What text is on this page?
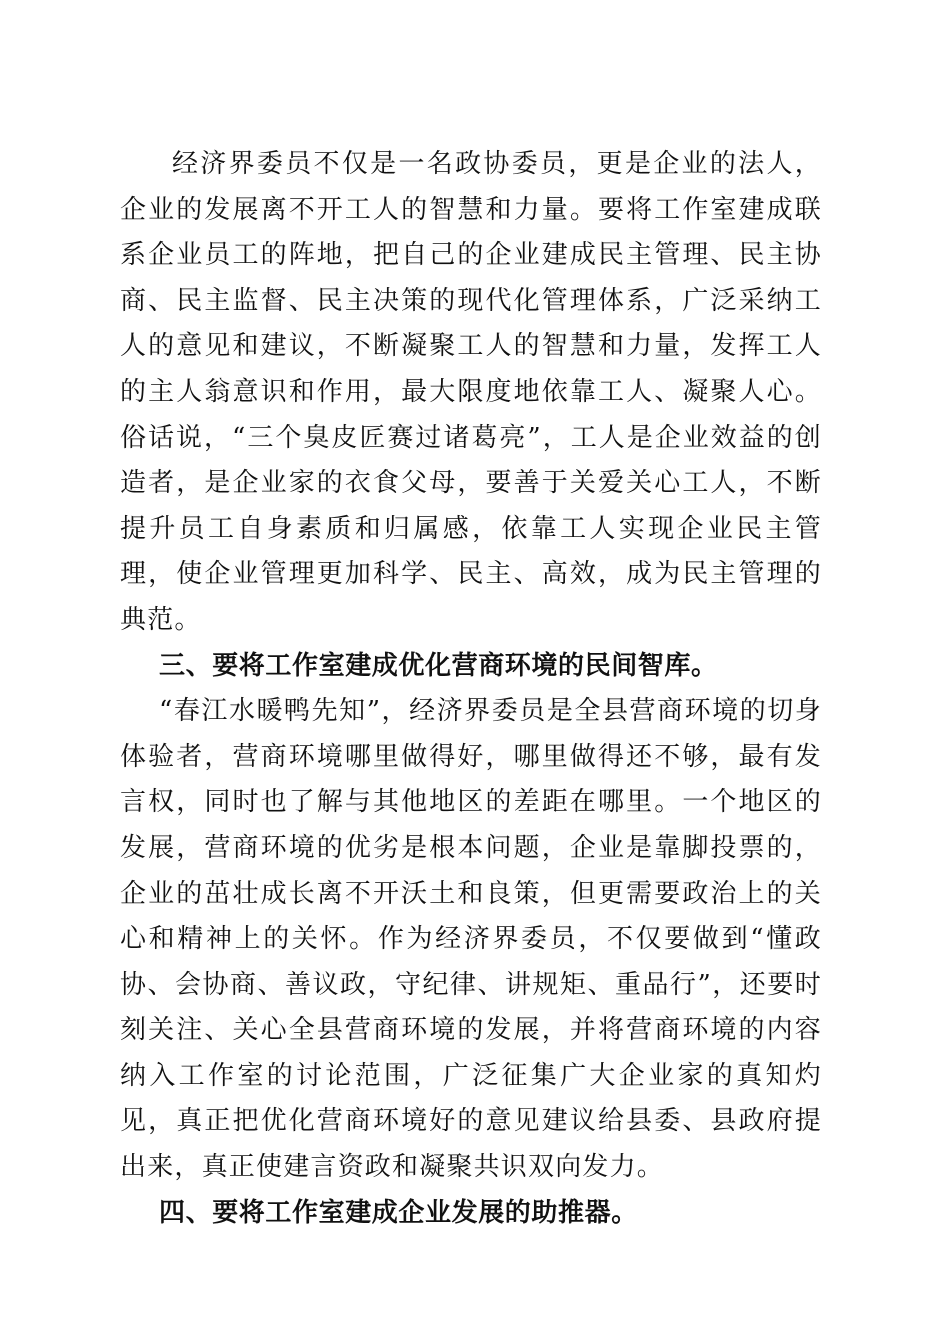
经济界委员不仅是一名政协委员，更是企业的法人，企业的发展离不开工人的智慧和力量。要将工作室建成联系企业员工的阵地，把自己的企业建成民主管理、民主协商、民主监督、民主决策的现代化管理体系，广泛采纳工人的意见和建议，不断凝聚工人的智慧和力量，发挥工人的主人翁意识和作用，最大限度地依靠工人、凝聚人心。俗话说，“三个臭皮匠赛过诸葛亮”，工人是企业效益的创造者，是企业家的衣食父母，要善于关爱关心工人，不断提升员工自身素质和归属感，依靠工人实现企业民主管理，使企业管理更加科学、民主、高效，成为民主管理的典范。

三、要将工作室建成优化营商环境的民间智库。

“春江水暖鸭先知”，经济界委员是全县营商环境的切身体验者，营商环境哪里做得好，哪里做得还不够，最有发言权，同时也了解与其他地区的差距在哪里。一个地区的发展，营商环境的优劣是根本问题，企业是靠脚投票的，企业的茁壮成长离不开沃土和良策，但更需要政治上的关心和精神上的关怀。作为经济界委员，不仅要做到“懂政协、会协商、善议政，守纪律、讲规矩、重品行”，还要时刻关注、关心全县营商环境的发展，并将营商环境的内容纳入工作室的讨论范围，广泛征集广大企业家的真知灼见，真正把优化营商环境好的意见建议给县委、县政府提出来，真正使建言资政和凝聚共识双向发力。

四、要将工作室建成企业发展的助推器。
